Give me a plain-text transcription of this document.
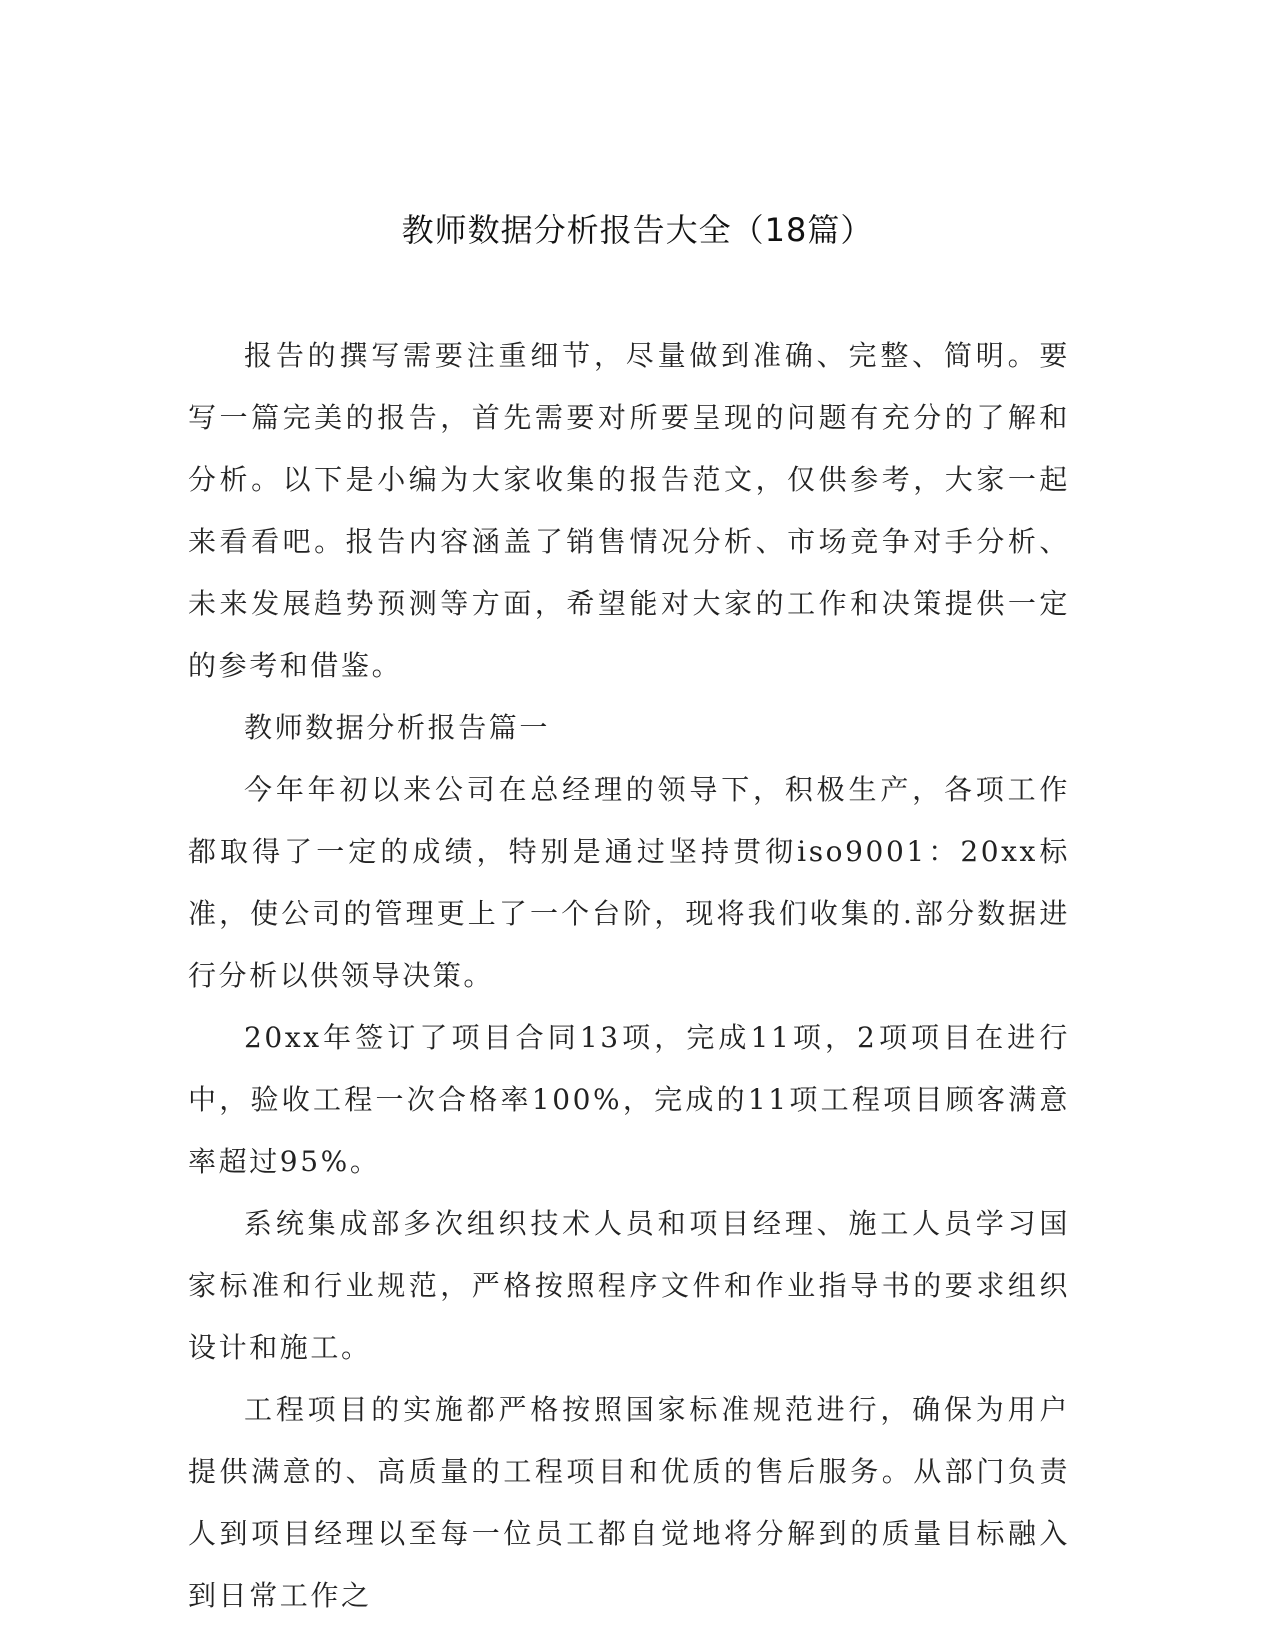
教师数据分析报告大全（18篇）

报告的撰写需要注重细节，尽量做到准确、完整、简明。要写一篇完美的报告，首先需要对所要呈现的问题有充分的了解和分析。以下是小编为大家收集的报告范文，仅供参考，大家一起来看看吧。报告内容涵盖了销售情况分析、市场竞争对手分析、未来发展趋势预测等方面，希望能对大家的工作和决策提供一定的参考和借鉴。

教师数据分析报告篇一

今年年初以来公司在总经理的领导下，积极生产，各项工作都取得了一定的成绩，特别是通过坚持贯彻iso9001：20xx标准，使公司的管理更上了一个台阶，现将我们收集的.部分数据进行分析以供领导决策。

20xx年签订了项目合同13项，完成11项，2项项目在进行中，验收工程一次合格率100%，完成的11项工程项目顾客满意率超过95%。

系统集成部多次组织技术人员和项目经理、施工人员学习国家标准和行业规范，严格按照程序文件和作业指导书的要求组织设计和施工。

工程项目的实施都严格按照国家标准规范进行，确保为用户提供满意的、高质量的工程项目和优质的售后服务。从部门负责人到项目经理以至每一位员工都自觉地将分解到的质量目标融入到日常工作之
